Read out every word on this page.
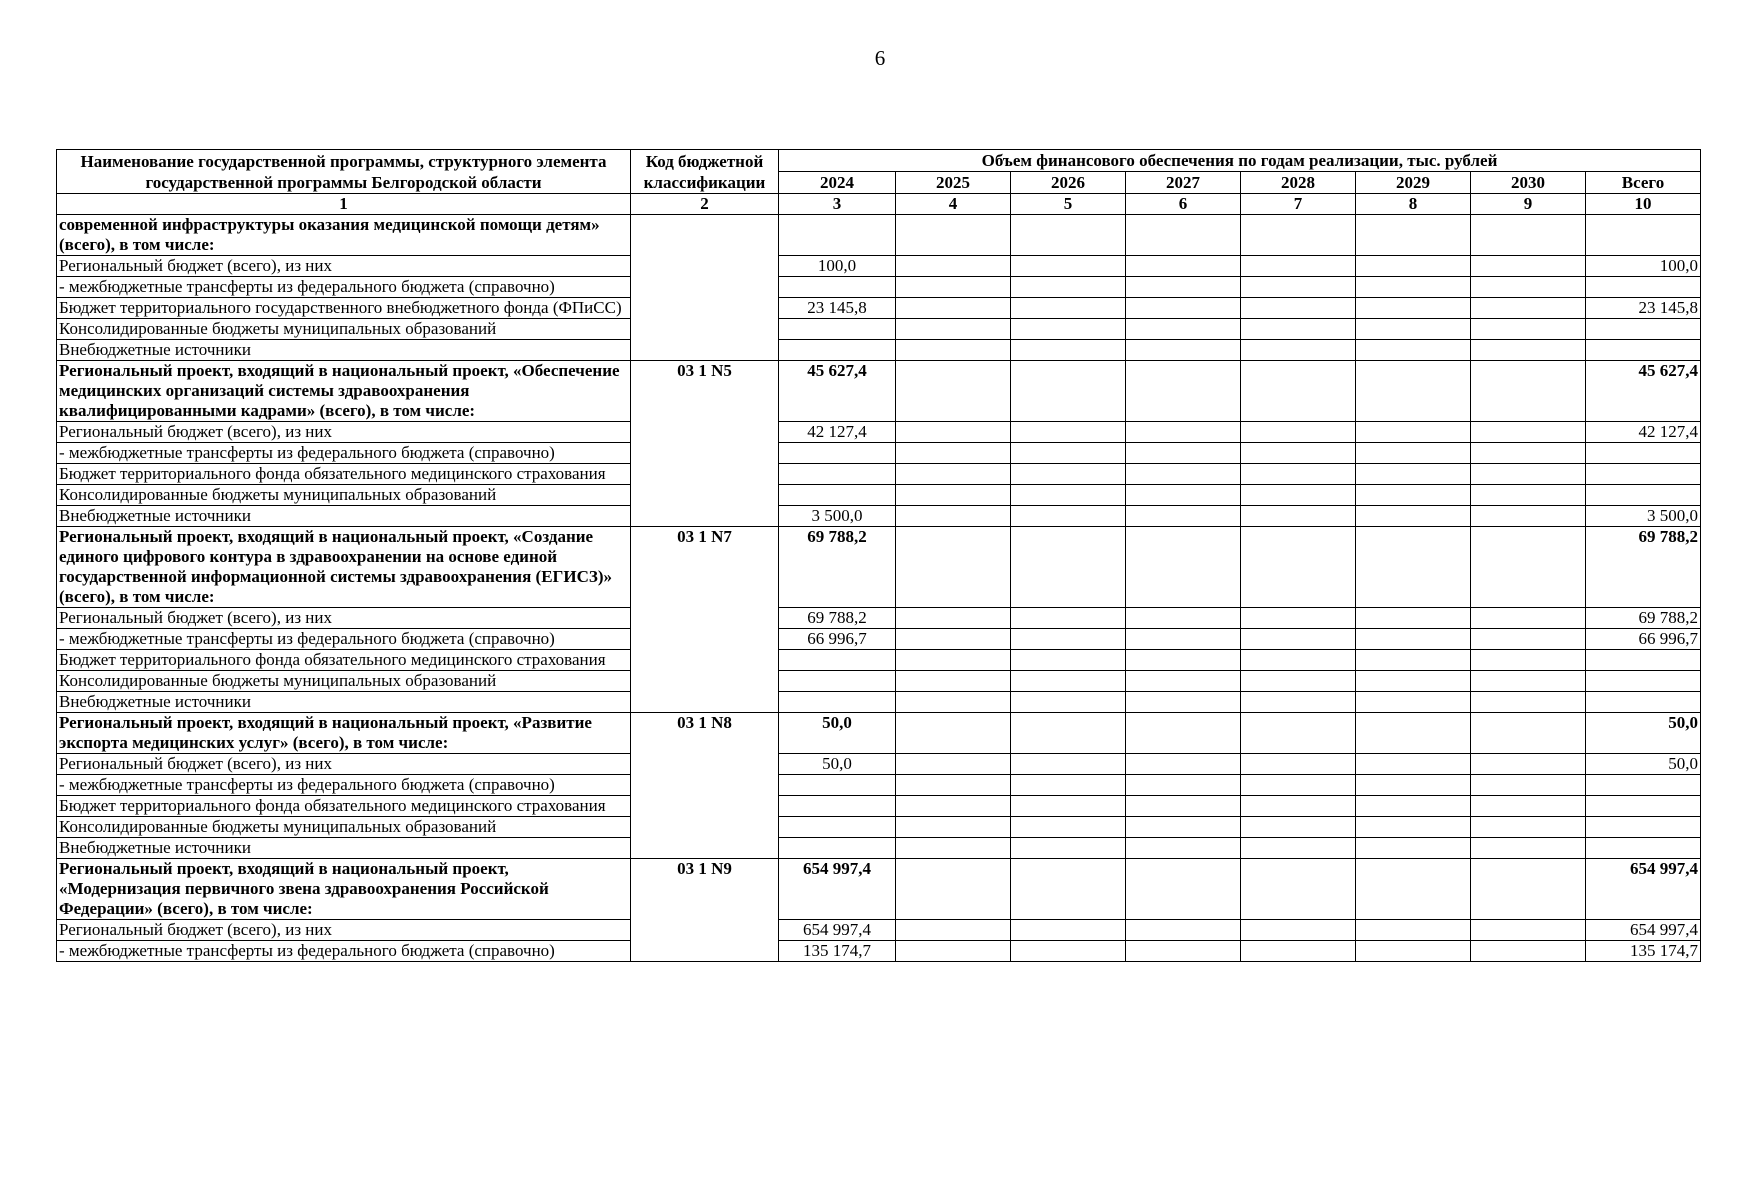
6
Наименование государственной программы, структурного элемента государственной программы Белгородской области	Код бюджетной классификации	Объем финансового обеспечения по годам реализации, тыс. рублей							
		2024	2025	2026	2027	2028	2029	2030	Всего
1	2	3	4	5	6	7	8	9	10
современной инфраструктуры оказания медицинской помощи детям» (всего), в том числе:									
Региональный бюджет (всего), из них		100,0							100,0
- межбюджетные трансферты из федерального бюджета (справочно)									
Бюджет территориального государственного внебюджетного фонда (ФПиСС)		23 145,8							23 145,8
Консолидированные бюджеты муниципальных образований									
Внебюджетные источники									
Региональный проект, входящий в национальный проект, «Обеспечение медицинских организаций системы здравоохранения квалифицированными кадрами» (всего), в том числе:	03 1 N5	45 627,4							45 627,4
Региональный бюджет (всего), из них		42 127,4							42 127,4
- межбюджетные трансферты из федерального бюджета (справочно)									
Бюджет территориального фонда обязательного медицинского страхования									
Консолидированные бюджеты муниципальных образований									
Внебюджетные источники		3 500,0							3 500,0
Региональный проект, входящий в национальный проект, «Создание единого цифрового контура в здравоохранении на основе единой государственной информационной системы здравоохранения (ЕГИСЗ)» (всего), в том числе:	03 1 N7	69 788,2							69 788,2
Региональный бюджет (всего), из них		69 788,2							69 788,2
- межбюджетные трансферты из федерального бюджета (справочно)		66 996,7							66 996,7
Бюджет территориального фонда обязательного медицинского страхования									
Консолидированные бюджеты муниципальных образований									
Внебюджетные источники									
Региональный проект, входящий в национальный проект, «Развитие экспорта медицинских услуг» (всего), в том числе:	03 1 N8	50,0							50,0
Региональный бюджет (всего), из них		50,0							50,0
- межбюджетные трансферты из федерального бюджета (справочно)									
Бюджет территориального фонда обязательного медицинского страхования									
Консолидированные бюджеты муниципальных образований									
Внебюджетные источники									
Региональный проект, входящий в национальный проект, «Модернизация первичного звена здравоохранения Российской Федерации» (всего), в том числе:	03 1 N9	654 997,4							654 997,4
Региональный бюджет (всего), из них		654 997,4							654 997,4
- межбюджетные трансферты из федерального бюджета (справочно)		135 174,7							135 174,7
